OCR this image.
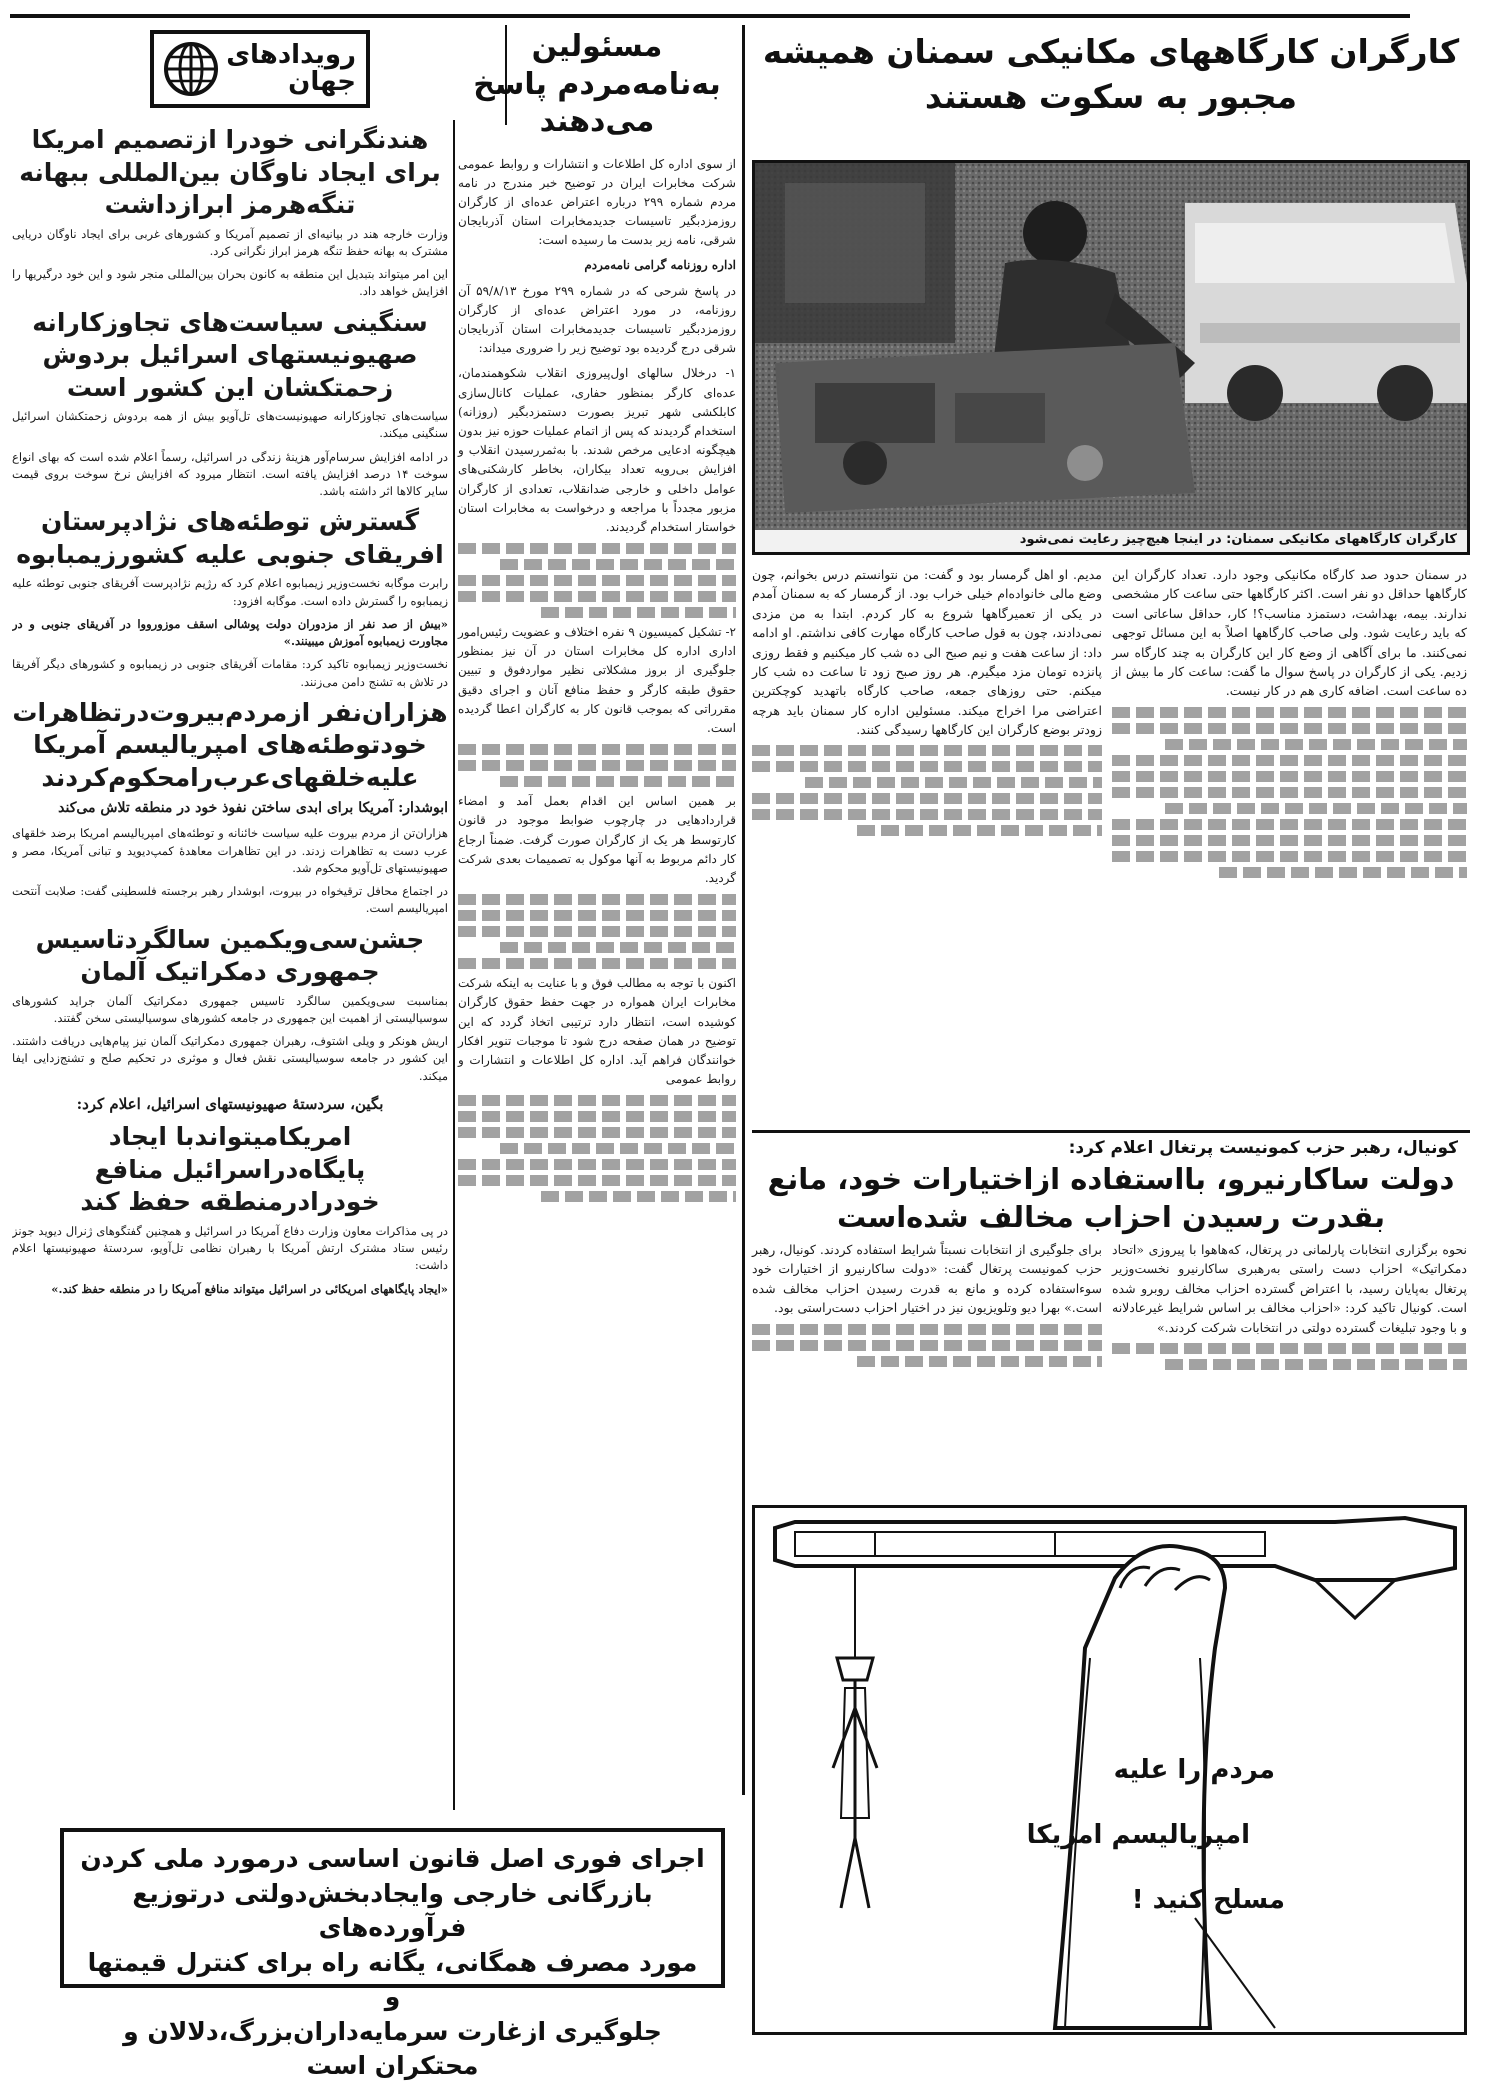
رویدادهای
جهان
مسئولین به‌نامه‌مردم پاسخ می‌دهند

از سوی اداره کل اطلاعات و انتشارات و روابط عمومی شرکت مخابرات ایران در توضیح خبر مندرج در نامه مردم شماره ۲۹۹ درباره اعتراض عده‌ای از کارگران روزمزدبگیر تاسیسات جدیدمخابرات استان آذربایجان شرقی، نامه‌ زیر بدست ما رسیده است:

اداره روزنامه گرامی نامه‌مردم

در پاسخ شرحی که در شماره ۲۹۹ مورخ ۵۹/۸/۱۳ آن روزنامه، در مورد اعتراض عده‌ای از کارگران روزمزدبگیر تاسیسات جدیدمخابرات استان آذربایجان شرقی درج گردیده بود توضیح زیر را ضروری میداند:

۱- درخلال سالهای اول‌پیروزی انقلاب شکوهمندمان، عده‌ای کارگر بمنظور حفاری، عملیات کانال‌سازی کابلکشی شهر تبریز بصورت دستمزدبگیر (روزانه) استخدام گردیدند که پس از اتمام عملیات حوزه نیز بدون هیچگونه ادعایی مرخص شدند. با به‌ثمررسیدن انقلاب و افزایش بی‌رویه تعداد بیکاران، بخاطر کارشکنی‌های عوامل داخلی و خارجی ضدانقلاب، تعدادی از کارگران مزبور مجدداً با مراجعه و درخواست به مخابرات استان خواستار استخدام گردیدند.

۲- تشکیل کمیسیون ۹ نفره اختلاف و عضویت رئیس‌امور اداری اداره کل مخابرات استان در آن نیز بمنظور جلوگیری از بروز مشکلاتی نظیر مواردفوق و تبیین حقوق طبقه کارگر و حفظ منافع آنان و اجرای دقیق مقرراتی که بموجب قانون کار به کارگران اعطا گردیده است.

بر همین اساس این اقدام بعمل آمد و امضاء قراردادهایی در چارچوب ضوابط موجود در قانون کارتوسط هر یک از کارگران صورت گرفت. ضمناً ارجاع کار دائم مربوط به آنها موکول به تصمیمات بعدی شرکت گردید.

اکنون با توجه به مطالب فوق و با عنایت به اینکه شرکت مخابرات ایران همواره در جهت حفظ حقوق کارگران کوشیده است، انتظار دارد ترتیبی اتخاذ گردد که این توضیح در همان صفحه درج شود تا موجبات تنویر افکار خوانندگان فراهم آید. اداره کل اطلاعات و انتشارات و روابط عمومی

هندنگرانی خودرا ازتصمیم امریکا برای ایجاد ناوگان بین‌المللی ببهانه تنگه‌هرمز ابرازداشت

وزارت خارجه هند در بیانیه‌ای از تصمیم آمریکا و کشورهای غربی برای ایجاد ناوگان دریایی مشترک به بهانه حفظ تنگه هرمز ابراز نگرانی کرد.

این امر میتواند بتبدیل این منطقه به کانون بحران بین‌المللی منجر شود و این خود درگیریها را افزایش خواهد داد.

سنگینی سیاست‌های تجاوزکارانه صهیونیستهای اسرائیل بردوش زحمتکشان این کشور است

سیاست‌های تجاوزکارانه صهیونیست‌های تل‌آویو بیش از همه بردوش زحمتکشان اسرائیل سنگینی میکند.

در ادامه افزایش سرسام‌آور هزینهٔ زندگی در اسرائیل، رسماً اعلام شده است که بهای انواع سوخت ۱۴ درصد افزایش یافته است. انتظار میرود که افزایش نرخ سوخت بروی قیمت سایر کالاها اثر داشته باشد.

گسترش توطئه‌های نژادپرستان افریقای جنوبی علیه کشورزیمبابوه

رابرت موگابه نخست‌وزیر زیمبابوه اعلام کرد که رژیم نژادپرست آفریقای جنوبی توطئه علیه زیمبابوه را گسترش داده است. موگابه افزود:

«بیش از صد نفر از مزدوران دولت پوشالی اسقف موزورووا در آفریقای جنوبی و در مجاورت زیمبابوه آموزش میبینند.»

نخست‌وزیر زیمبابوه تاکید کرد: مقامات آفریقای جنوبی در زیمبابوه و کشورهای دیگر آفریقا در تلاش به تشنج دامن می‌زنند.

هزاران‌نفر ازمردم‌بیروت‌درتظاهرات خودتوطئه‌های امپریالیسم آمریکا علیه‌خلقهای‌عرب‌رامحکوم‌کردند

ابوشدار: آمریکا برای ابدی ساختن نفوذ خود در منطقه تلاش می‌کند

هزاران‌تن از مردم بیروت علیه سیاست خائنانه و توطئه‌های امپریالیسم امریکا برضد خلقهای عرب دست به تظاهرات زدند. در این تظاهرات معاهدهٔ کمپ‌دیوید و تبانی آمریکا، مصر و صهیونیستهای تل‌آویو محکوم شد.

در اجتماع محافل ترقیخواه در بیروت، ابوشدار رهبر برجسته فلسطینی گفت: صلابت آنتحت امپریالیسم است.

جشن‌سی‌ویکمین سالگردتاسیس جمهوری دمکراتیک آلمان

بمناسبت سی‌ویکمین سالگرد تاسیس جمهوری دمکراتیک آلمان جراید کشورهای سوسیالیستی از اهمیت این جمهوری در جامعه کشورهای سوسیالیستی سخن گفتند.

اریش هونکر و ویلی اشتوف، رهبران جمهوری دمکراتیک آلمان نیز پیام‌هایی دریافت داشتند. این کشور در جامعه سوسیالیستی نقش فعال و موثری در تحکیم صلح و تشنج‌زدایی ایفا میکند.

بگین، سردستهٔ صهیونیستهای اسرائیل، اعلام کرد:

امریکامیتواندبا ایجاد پایگاه‌دراسرائیل منافع خودرادرمنطقه حفظ کند

در پی مذاکرات معاون وزارت دفاع آمریکا در اسرائیل و همچنین گفتگوهای ژنرال دیوید جونز رئیس ستاد مشترک ارتش آمریکا با رهبران نظامی تل‌آویو، سردستهٔ صهیونیستها اعلام داشت:

«ایجاد پایگاههای امریکائی در اسرائیل میتواند منافع آمریکا را در منطقه حفظ کند.»

کارگران کارگاههای مکانیکی سمنان همیشه مجبور به سکوت هستند
کارگران کارگاههای مکانیکی سمنان: در اینجا هیچ‌چیز رعایت نمی‌شود

در سمنان حدود صد کارگاه مکانیکی وجود دارد. تعداد کارگران این کارگاهها حداقل دو نفر است. اکثر کارگاهها حتی ساعت کار مشخصی ندارند. بیمه، بهداشت، دستمزد مناسب؟! کار، حداقل ساعاتی است که باید رعایت شود. ولی صاحب کارگاهها اصلاً به این مسائل توجهی نمی‌کنند. ما برای آگاهی از وضع کار این کارگران به چند کارگاه سر زدیم. یکی از کارگران در پاسخ سوال ما گفت: ساعت کار ما بیش از ده ساعت است. اضافه کاری هم در کار نیست.

مدیم. او اهل گرمسار بود و گفت: من نتوانستم درس بخوانم، چون وضع مالی خانواده‌ام خیلی خراب بود. از گرمسار که به سمنان آمدم در یکی از تعمیرگاهها شروع به کار کردم. ابتدا به من مزدی نمی‌دادند، چون به قول صاحب کارگاه مهارت کافی نداشتم. او ادامه داد: از ساعت هفت و نیم صبح الی ده شب کار میکنیم و فقط روزی پانزده تومان مزد میگیرم. هر روز صبح زود تا ساعت ده شب کار میکنم. حتی روزهای جمعه، صاحب کارگاه باتهدید کوچکترین اعتراضی مرا اخراج میکند. مسئولین اداره کار سمنان باید هرچه زودتر بوضع کارگران این کارگاهها رسیدگی کنند.

کونیال، رهبر حزب کمونیست پرتغال اعلام کرد:
دولت ساکارنیرو، بااستفاده ازاختیارات خود، مانع بقدرت رسیدن احزاب مخالف شده‌است

نحوه برگزاری انتخابات پارلمانی در پرتغال، که‌هاهوا با پیروزی «اتحاد دمکراتیک» احزاب دست راستی به‌رهبری ساکارنیرو نخست‌وزیر پرتغال به‌پایان رسید، با اعتراض گسترده احزاب مخالف روبرو شده است. کونیال تاکید کرد: «احزاب مخالف بر اساس شرایط غیرعادلانه و با وجود تبلیغات گسترده دولتی در انتخابات شرکت کردند.»

برای جلوگیری از انتخابات نسبتاً شرایط استفاده کردند. کونیال، رهبر حزب کمونیست پرتغال گفت: «دولت ساکارنیرو از اختیارات خود سوءاستفاده کرده و مانع به قدرت رسیدن احزاب مخالف شده است.» بهرا دیو وتلویزیون نیز در اختیار احزاب دست‌راستی بود.

مردم را علیه
امپریالیسم امریکا
مسلح کنید !
اجرای فوری اصل قانون اساسی درمورد ملی کردن
بازرگانی خارجی وایجادبخش‌دولتی درتوزیع فرآورده‌های
مورد مصرف همگانی، یگانه راه برای کنترل قیمتها و
جلوگیری ازغارت سرمایه‌داران‌بزرگ،دلالان و محتکران است
